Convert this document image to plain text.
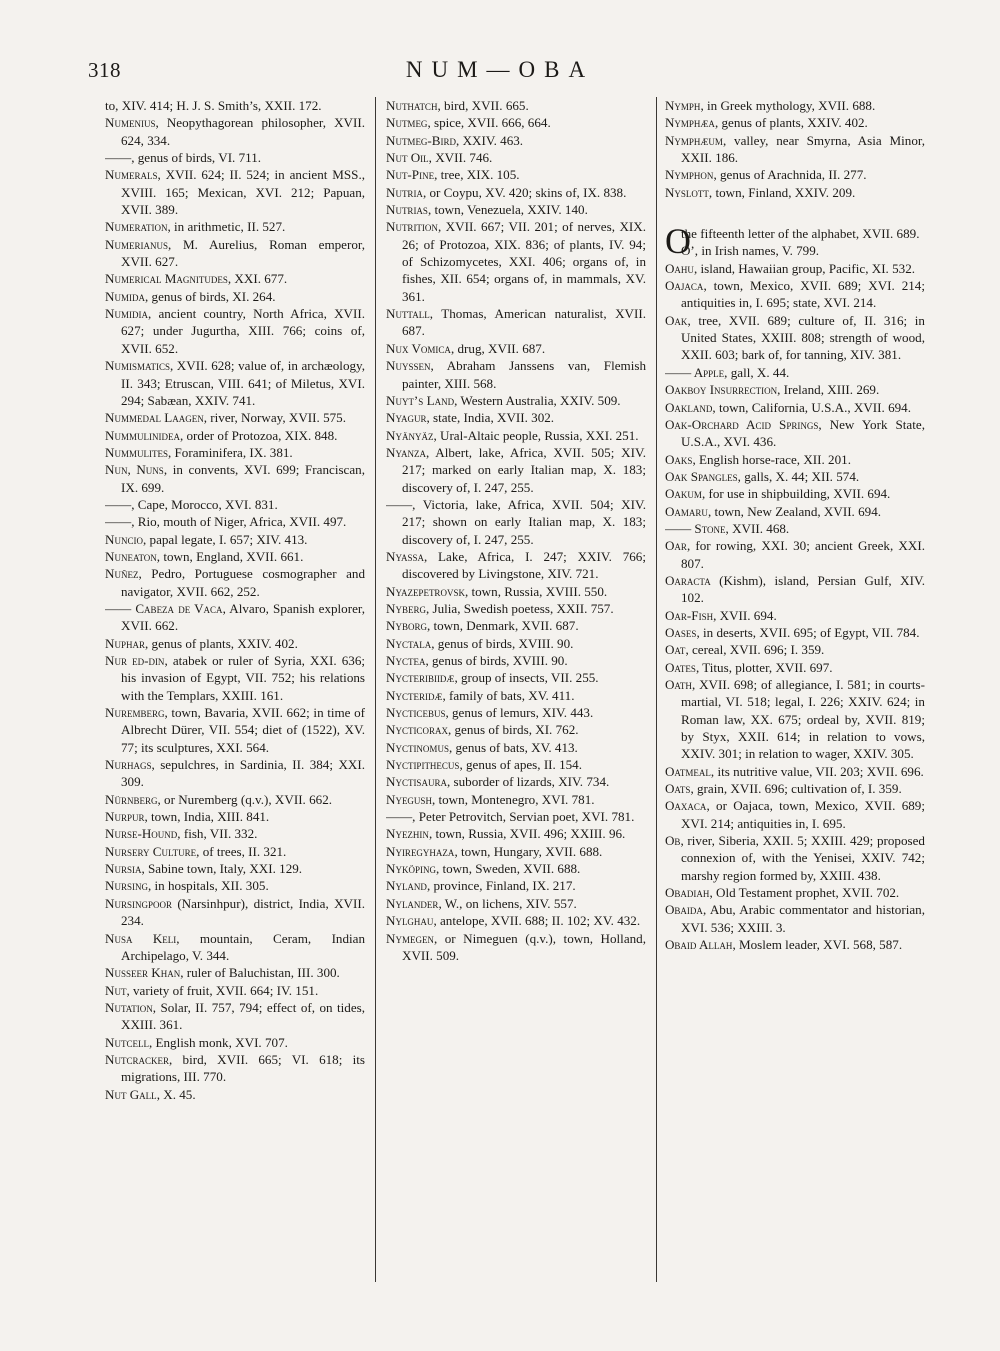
318	NUM—OBA

to, XIV. 414; H. J. S. Smith’s, XXII. 172.

Numenius, Neopythagorean philosopher, XVII. 624, 334.

——, genus of birds, VI. 711.

Numerals, XVII. 624; II. 524; in ancient MSS., XVIII. 165; Mexican, XVI. 212; Papuan, XVII. 389.

Numeration, in arithmetic, II. 527.

Numerianus, M. Aurelius, Roman emperor, XVII. 627.

Numerical Magnitudes, XXI. 677.

Numida, genus of birds, XI. 264.

Numidia, ancient country, North Africa, XVII. 627; under Jugurtha, XIII. 766; coins of, XVII. 652.

Numismatics, XVII. 628; value of, in archæology, II. 343; Etruscan, VIII. 641; of Miletus, XVI. 294; Sabæan, XXIV. 741.

Nummedal Laagen, river, Norway, XVII. 575.

Nummulinidea, order of Protozoa, XIX. 848.

Nummulites, Foraminifera, IX. 381.

Nun, Nuns, in convents, XVI. 699; Franciscan, IX. 699.

——, Cape, Morocco, XVI. 831.

——, Rio, mouth of Niger, Africa, XVII. 497.

Nuncio, papal legate, I. 657; XIV. 413.

Nuneaton, town, England, XVII. 661.

Nuñez, Pedro, Portuguese cosmographer and navigator, XVII. 662, 252.

—— Cabeza de Vaca, Alvaro, Spanish explorer, XVII. 662.

Nuphar, genus of plants, XXIV. 402.

Nur ed-din, atabek or ruler of Syria, XXI. 636; his invasion of Egypt, VII. 752; his relations with the Templars, XXIII. 161.

Nuremberg, town, Bavaria, XVII. 662; in time of Albrecht Dürer, VII. 554; diet of (1522), XV. 77; its sculptures, XXI. 564.

Nurhags, sepulchres, in Sardinia, II. 384; XXI. 309.

Nürnberg, or Nuremberg (q.v.), XVII. 662.

Nurpur, town, India, XIII. 841.

Nurse-Hound, fish, VII. 332.

Nursery Culture, of trees, II. 321.

Nursia, Sabine town, Italy, XXI. 129.

Nursing, in hospitals, XII. 305.

Nursingpoor (Narsinhpur), district, India, XVII. 234.

Nusa Keli, mountain, Ceram, Indian Archipelago, V. 344.

Nusseer Khan, ruler of Baluchistan, III. 300.

Nut, variety of fruit, XVII. 664; IV. 151.

Nutation, Solar, II. 757, 794; effect of, on tides, XXIII. 361.

Nutcell, English monk, XVI. 707.

Nutcracker, bird, XVII. 665; VI. 618; its migrations, III. 770.

Nut Gall, X. 45.

Nuthatch, bird, XVII. 665.

Nutmeg, spice, XVII. 666, 664.

Nutmeg-Bird, XXIV. 463.

Nut Oil, XVII. 746.

Nut-Pine, tree, XIX. 105.

Nutria, or Coypu, XV. 420; skins of, IX. 838.

Nutrias, town, Venezuela, XXIV. 140.

Nutrition, XVII. 667; VII. 201; of nerves, XIX. 26; of Protozoa, XIX. 836; of plants, IV. 94; of Schizomycetes, XXI. 406; organs of, in fishes, XII. 654; organs of, in mammals, XV. 361.

Nuttall, Thomas, American naturalist, XVII. 687.

Nux Vomica, drug, XVII. 687.

Nuyssen, Abraham Janssens van, Flemish painter, XIII. 568.

Nuyt’s Land, Western Australia, XXIV. 509.

Nyagur, state, India, XVII. 302.

Nyänyäz, Ural-Altaic people, Russia, XXI. 251.

Nyanza, Albert, lake, Africa, XVII. 505; XIV. 217; marked on early Italian map, X. 183; discovery of, I. 247, 255.

——, Victoria, lake, Africa, XVII. 504; XIV. 217; shown on early Italian map, X. 183; discovery of, I. 247, 255.

Nyassa, Lake, Africa, I. 247; XXIV. 766; discovered by Livingstone, XIV. 721.

Nyazepetrovsk, town, Russia, XVIII. 550.

Nyberg, Julia, Swedish poetess, XXII. 757.

Nyborg, town, Denmark, XVII. 687.

Nyctala, genus of birds, XVIII. 90.

Nyctea, genus of birds, XVIII. 90.

Nycteribiidæ, group of insects, VII. 255.

Nycteridæ, family of bats, XV. 411.

Nycticebus, genus of lemurs, XIV. 443.

Nycticorax, genus of birds, XI. 762.

Nyctinomus, genus of bats, XV. 413.

Nyctipithecus, genus of apes, II. 154.

Nyctisaura, suborder of lizards, XIV. 734.

Nyegush, town, Montenegro, XVI. 781.

——, Peter Petrovitch, Servian poet, XVI. 781.

Nyezhin, town, Russia, XVII. 496; XXIII. 96.

Nyiregyhaza, town, Hungary, XVII. 688.

Nyköping, town, Sweden, XVII. 688.

Nyland, province, Finland, IX. 217.

Nylander, W., on lichens, XIV. 557.

Nylghau, antelope, XVII. 688; II. 102; XV. 432.

Nymegen, or Nimeguen (q.v.), town, Holland, XVII. 509.

Nymph, in Greek mythology, XVII. 688.

Nymphæa, genus of plants, XXIV. 402.

Nymphæum, valley, near Smyrna, Asia Minor, XXII. 186.

Nymphon, genus of Arachnida, II. 277.

Nyslott, town, Finland, XXIV. 209.

O
the fifteenth letter of the alphabet, XVII. 689.

O’, in Irish names, V. 799.

Oahu, island, Hawaiian group, Pacific, XI. 532.

Oajaca, town, Mexico, XVII. 689; XVI. 214; antiquities in, I. 695; state, XVI. 214.

Oak, tree, XVII. 689; culture of, II. 316; in United States, XXIII. 808; strength of wood, XXII. 603; bark of, for tanning, XIV. 381.

—— Apple, gall, X. 44.

Oakboy Insurrection, Ireland, XIII. 269.

Oakland, town, California, U.S.A., XVII. 694.

Oak-Orchard Acid Springs, New York State, U.S.A., XVI. 436.

Oaks, English horse-race, XII. 201.

Oak Spangles, galls, X. 44; XII. 574.

Oakum, for use in shipbuilding, XVII. 694.

Oamaru, town, New Zealand, XVII. 694.

—— Stone, XVII. 468.

Oar, for rowing, XXI. 30; ancient Greek, XXI. 807.

Oaracta (Kishm), island, Persian Gulf, XIV. 102.

Oar-Fish, XVII. 694.

Oases, in deserts, XVII. 695; of Egypt, VII. 784.

Oat, cereal, XVII. 696; I. 359.

Oates, Titus, plotter, XVII. 697.

Oath, XVII. 698; of allegiance, I. 581; in courts-martial, VI. 518; legal, I. 226; XXIV. 624; in Roman law, XX. 675; ordeal by, XVII. 819; by Styx, XXII. 614; in relation to vows, XXIV. 301; in relation to wager, XXIV. 305.

Oatmeal, its nutritive value, VII. 203; XVII. 696.

Oats, grain, XVII. 696; cultivation of, I. 359.

Oaxaca, or Oajaca, town, Mexico, XVII. 689; XVI. 214; antiquities in, I. 695.

Ob, river, Siberia, XXII. 5; XXIII. 429; proposed connexion of, with the Yenisei, XXIV. 742; marshy region formed by, XXIII. 438.

Obadiah, Old Testament prophet, XVII. 702.

Obaida, Abu, Arabic commentator and historian, XVI. 536; XXIII. 3.

Obaid Allah, Moslem leader, XVI. 568, 587.
